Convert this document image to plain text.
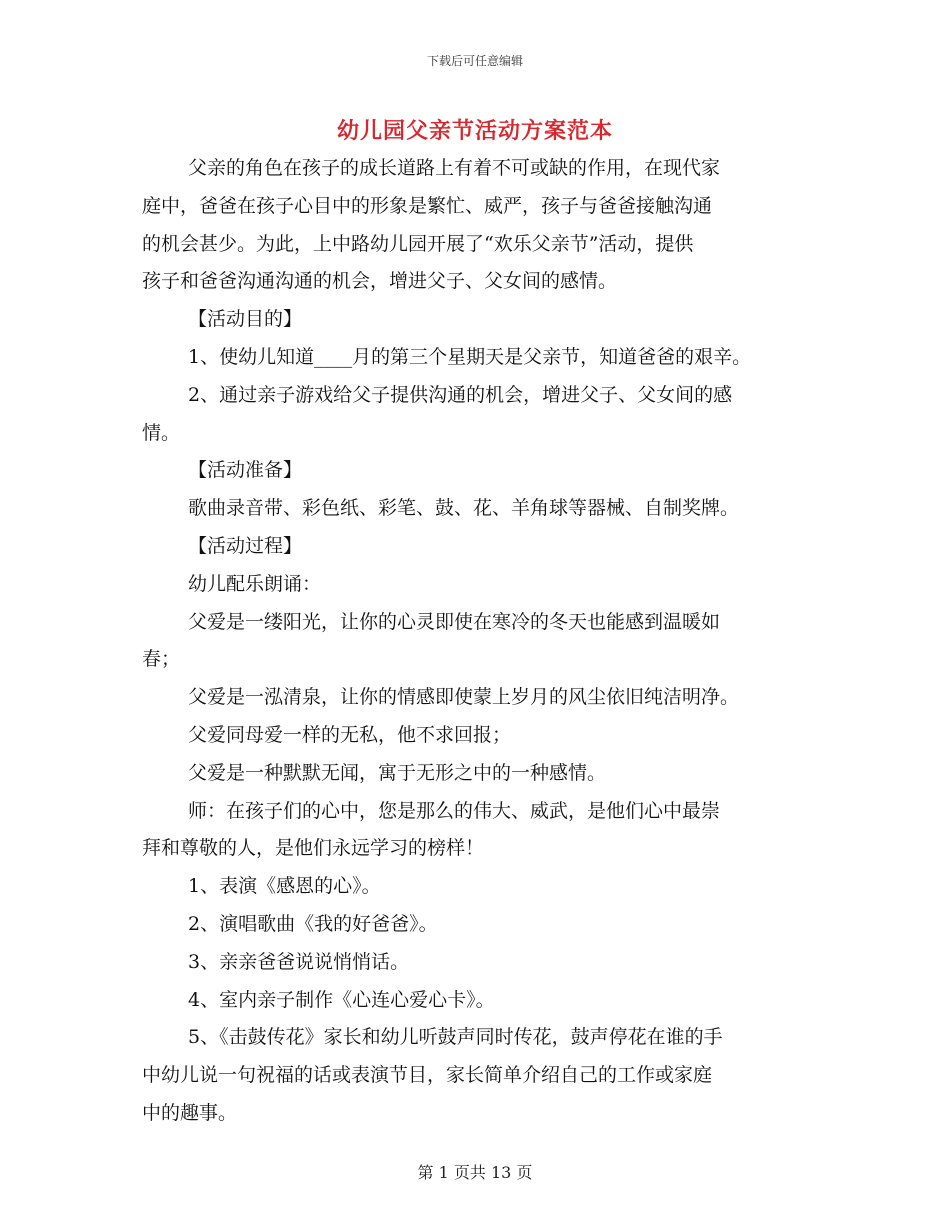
下载后可任意编辑
幼儿园父亲节活动方案范本

父亲的角色在孩子的成长道路上有着不可或缺的作用，在现代家

庭中，爸爸在孩子心目中的形象是繁忙、威严，孩子与爸爸接触沟通

的机会甚少。为此，上中路幼儿园开展了“欢乐父亲节”活动，提供

孩子和爸爸沟通沟通的机会，增进父子、父女间的感情。

【活动目的】

1、使幼儿知道____月的第三个星期天是父亲节，知道爸爸的艰辛。

2、通过亲子游戏给父子提供沟通的机会，增进父子、父女间的感

情。

【活动准备】

歌曲录音带、彩色纸、彩笔、鼓、花、羊角球等器械、自制奖牌。

【活动过程】

幼儿配乐朗诵：

父爱是一缕阳光，让你的心灵即使在寒冷的冬天也能感到温暖如

春；

父爱是一泓清泉，让你的情感即使蒙上岁月的风尘依旧纯洁明净。

父爱同母爱一样的无私，他不求回报；

父爱是一种默默无闻，寓于无形之中的一种感情。

师：在孩子们的心中，您是那么的伟大、威武，是他们心中最崇

拜和尊敬的人，是他们永远学习的榜样！

1、表演《感恩的心》。

2、演唱歌曲《我的好爸爸》。

3、亲亲爸爸说说悄悄话。

4、室内亲子制作《心连心爱心卡》。

5、《击鼓传花》家长和幼儿听鼓声同时传花，鼓声停花在谁的手

中幼儿说一句祝福的话或表演节目，家长简单介绍自己的工作或家庭

中的趣事。

第 1 页共 13 页
